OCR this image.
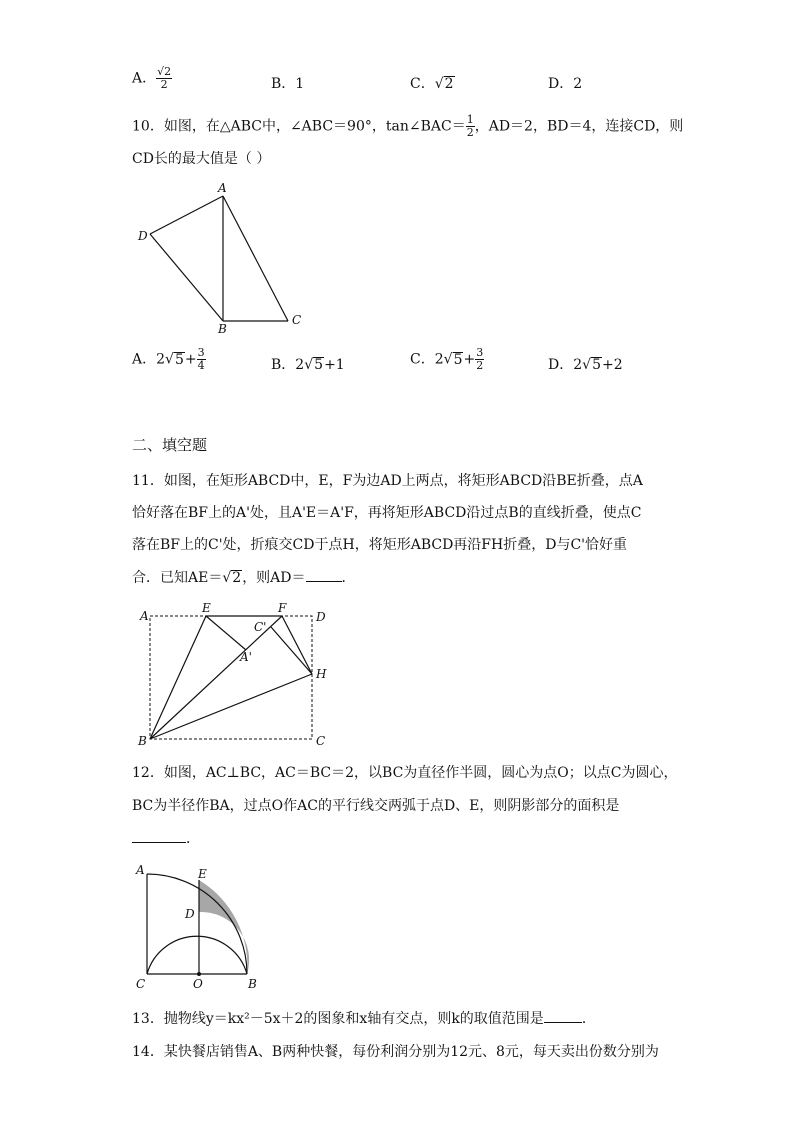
A． $\frac{√2}{2}$	B．1	C．√2	D．2
10．如图，在△ABC中，∠ABC＝90°，tan∠BAC＝ $\frac{1}{2}$ ，AD＝2，BD＝4，连接CD，则
CD长的最大值是（ ）
A
D
B
C
A．$2√5+ \frac{3}{4}$	B．2√5+1	C．$2√5+ \frac{3}{2}$	D．2√5+2
二、填空题
11．如图，在矩形ABCD中，E，F为边AD上两点，将矩形ABCD沿BE折叠，点A
恰好落在BF上的A'处，且A'E＝A'F，再将矩形ABCD沿过点B的直线折叠，使点C
落在BF上的C'处，折痕交CD于点H，将矩形ABCD再沿FH折叠，D与C'恰好重
合．已知AE＝√2，则AD＝	．
A
E	F
D
C'
A'
H
B	C
12．如图，AC⊥BC，AC＝BC＝2，以BC为直径作半圆，圆心为点O；以点C为圆心，
BC为半径作BA，过点O作AC的平行线交两弧于点D、E，则阴影部分的面积是
．
A	E
D
C	O	B
13．抛物线y＝kx²－5x＋2的图象和x轴有交点，则k的取值范围是	．
14．某快餐店销售A、B两种快餐，每份利润分别为12元、8元，每天卖出份数分别为
